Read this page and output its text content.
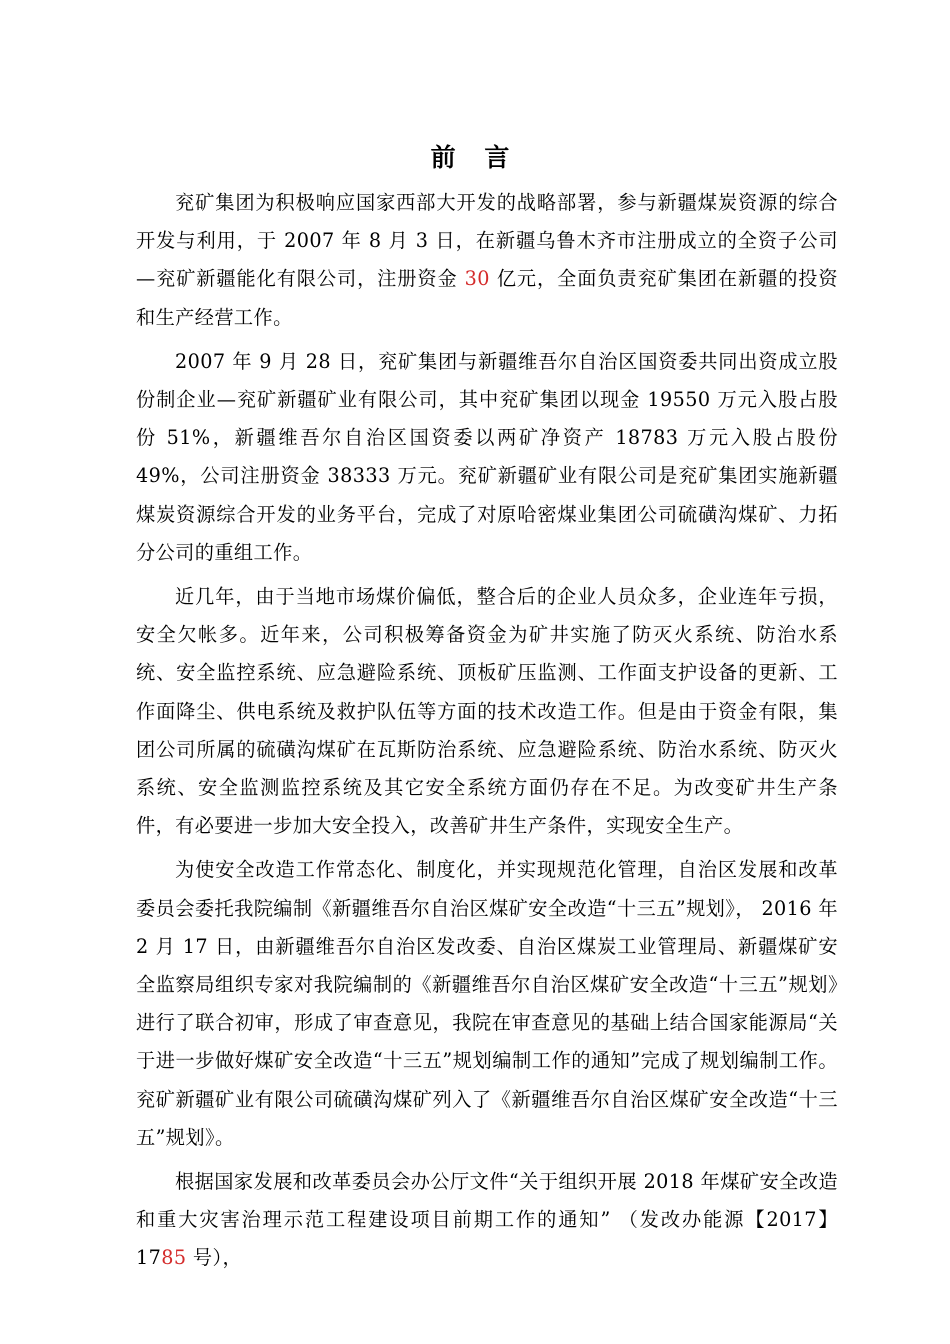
前 言

兖矿集团为积极响应国家西部大开发的战略部署，参与新疆煤炭资源的综合开发与利用，于 2007 年 8 月 3 日，在新疆乌鲁木齐市注册成立的全资子公司—兖矿新疆能化有限公司，注册资金 30 亿元，全面负责兖矿集团在新疆的投资和生产经营工作。

2007 年 9 月 28 日，兖矿集团与新疆维吾尔自治区国资委共同出资成立股份制企业—兖矿新疆矿业有限公司，其中兖矿集团以现金 19550 万元入股占股份 51%，新疆维吾尔自治区国资委以两矿净资产 18783 万元入股占股份 49%，公司注册资金 38333 万元。兖矿新疆矿业有限公司是兖矿集团实施新疆煤炭资源综合开发的业务平台，完成了对原哈密煤业集团公司硫磺沟煤矿、力拓分公司的重组工作。

近几年，由于当地市场煤价偏低，整合后的企业人员众多，企业连年亏损，安全欠帐多。近年来，公司积极筹备资金为矿井实施了防灭火系统、防治水系统、安全监控系统、应急避险系统、顶板矿压监测、工作面支护设备的更新、工作面降尘、供电系统及救护队伍等方面的技术改造工作。但是由于资金有限，集团公司所属的硫磺沟煤矿在瓦斯防治系统、应急避险系统、防治水系统、防灭火系统、安全监测监控系统及其它安全系统方面仍存在不足。为改变矿井生产条件，有必要进一步加大安全投入，改善矿井生产条件，实现安全生产。

为使安全改造工作常态化、制度化，并实现规范化管理，自治区发展和改革委员会委托我院编制《新疆维吾尔自治区煤矿安全改造“十三五”规划》， 2016 年 2 月 17 日，由新疆维吾尔自治区发改委、自治区煤炭工业管理局、新疆煤矿安全监察局组织专家对我院编制的《新疆维吾尔自治区煤矿安全改造“十三五”规划》进行了联合初审，形成了审查意见，我院在审查意见的基础上结合国家能源局“关于进一步做好煤矿安全改造“十三五”规划编制工作的通知”完成了规划编制工作。兖矿新疆矿业有限公司硫磺沟煤矿列入了《新疆维吾尔自治区煤矿安全改造“十三五”规划》。

根据国家发展和改革委员会办公厅文件“关于组织开展 2018 年煤矿安全改造和重大灾害治理示范工程建设项目前期工作的通知” （发改办能源【2017】1785 号），
